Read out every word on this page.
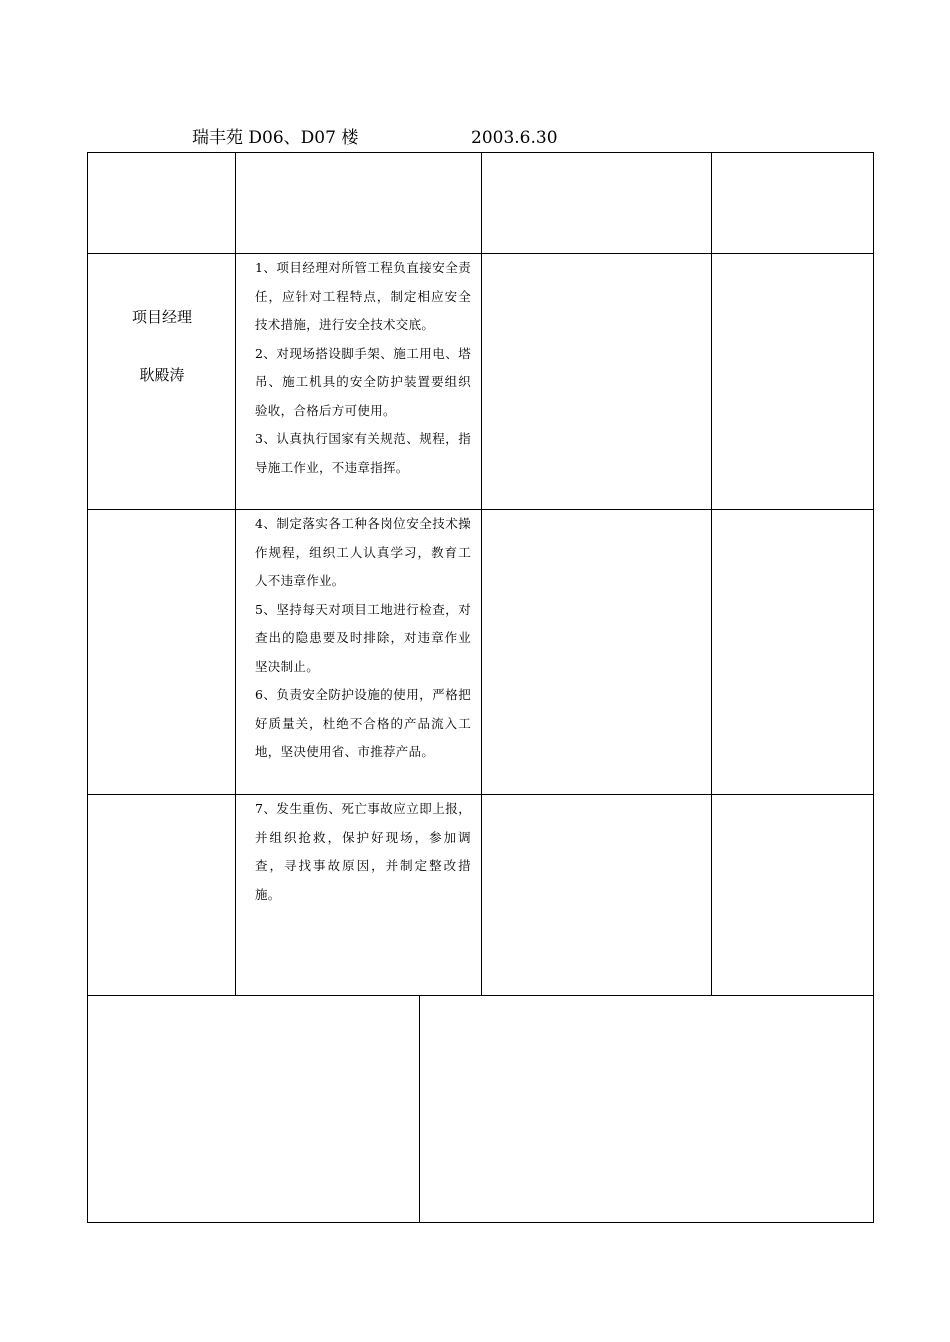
瑞丰苑 D06、D07 楼	2003.6.30
项目经理
耿殿涛

1、项目经理对所管工程负直接安全责任，应针对工程特点，制定相应安全技术措施，进行安全技术交底。

2、对现场搭设脚手架、施工用电、塔吊、施工机具的安全防护装置要组织验收，合格后方可使用。

3、认真执行国家有关规范、规程，指导施工作业，不违章指挥。

4、制定落实各工种各岗位安全技术操作规程，组织工人认真学习，教育工人不违章作业。

5、坚持每天对项目工地进行检查，对查出的隐患要及时排除，对违章作业坚决制止。

6、负责安全防护设施的使用，严格把好质量关，杜绝不合格的产品流入工地，坚决使用省、市推荐产品。

7、发生重伤、死亡事故应立即上报，并组织抢救，保护好现场，参加调查，寻找事故原因，并制定整改措施。
